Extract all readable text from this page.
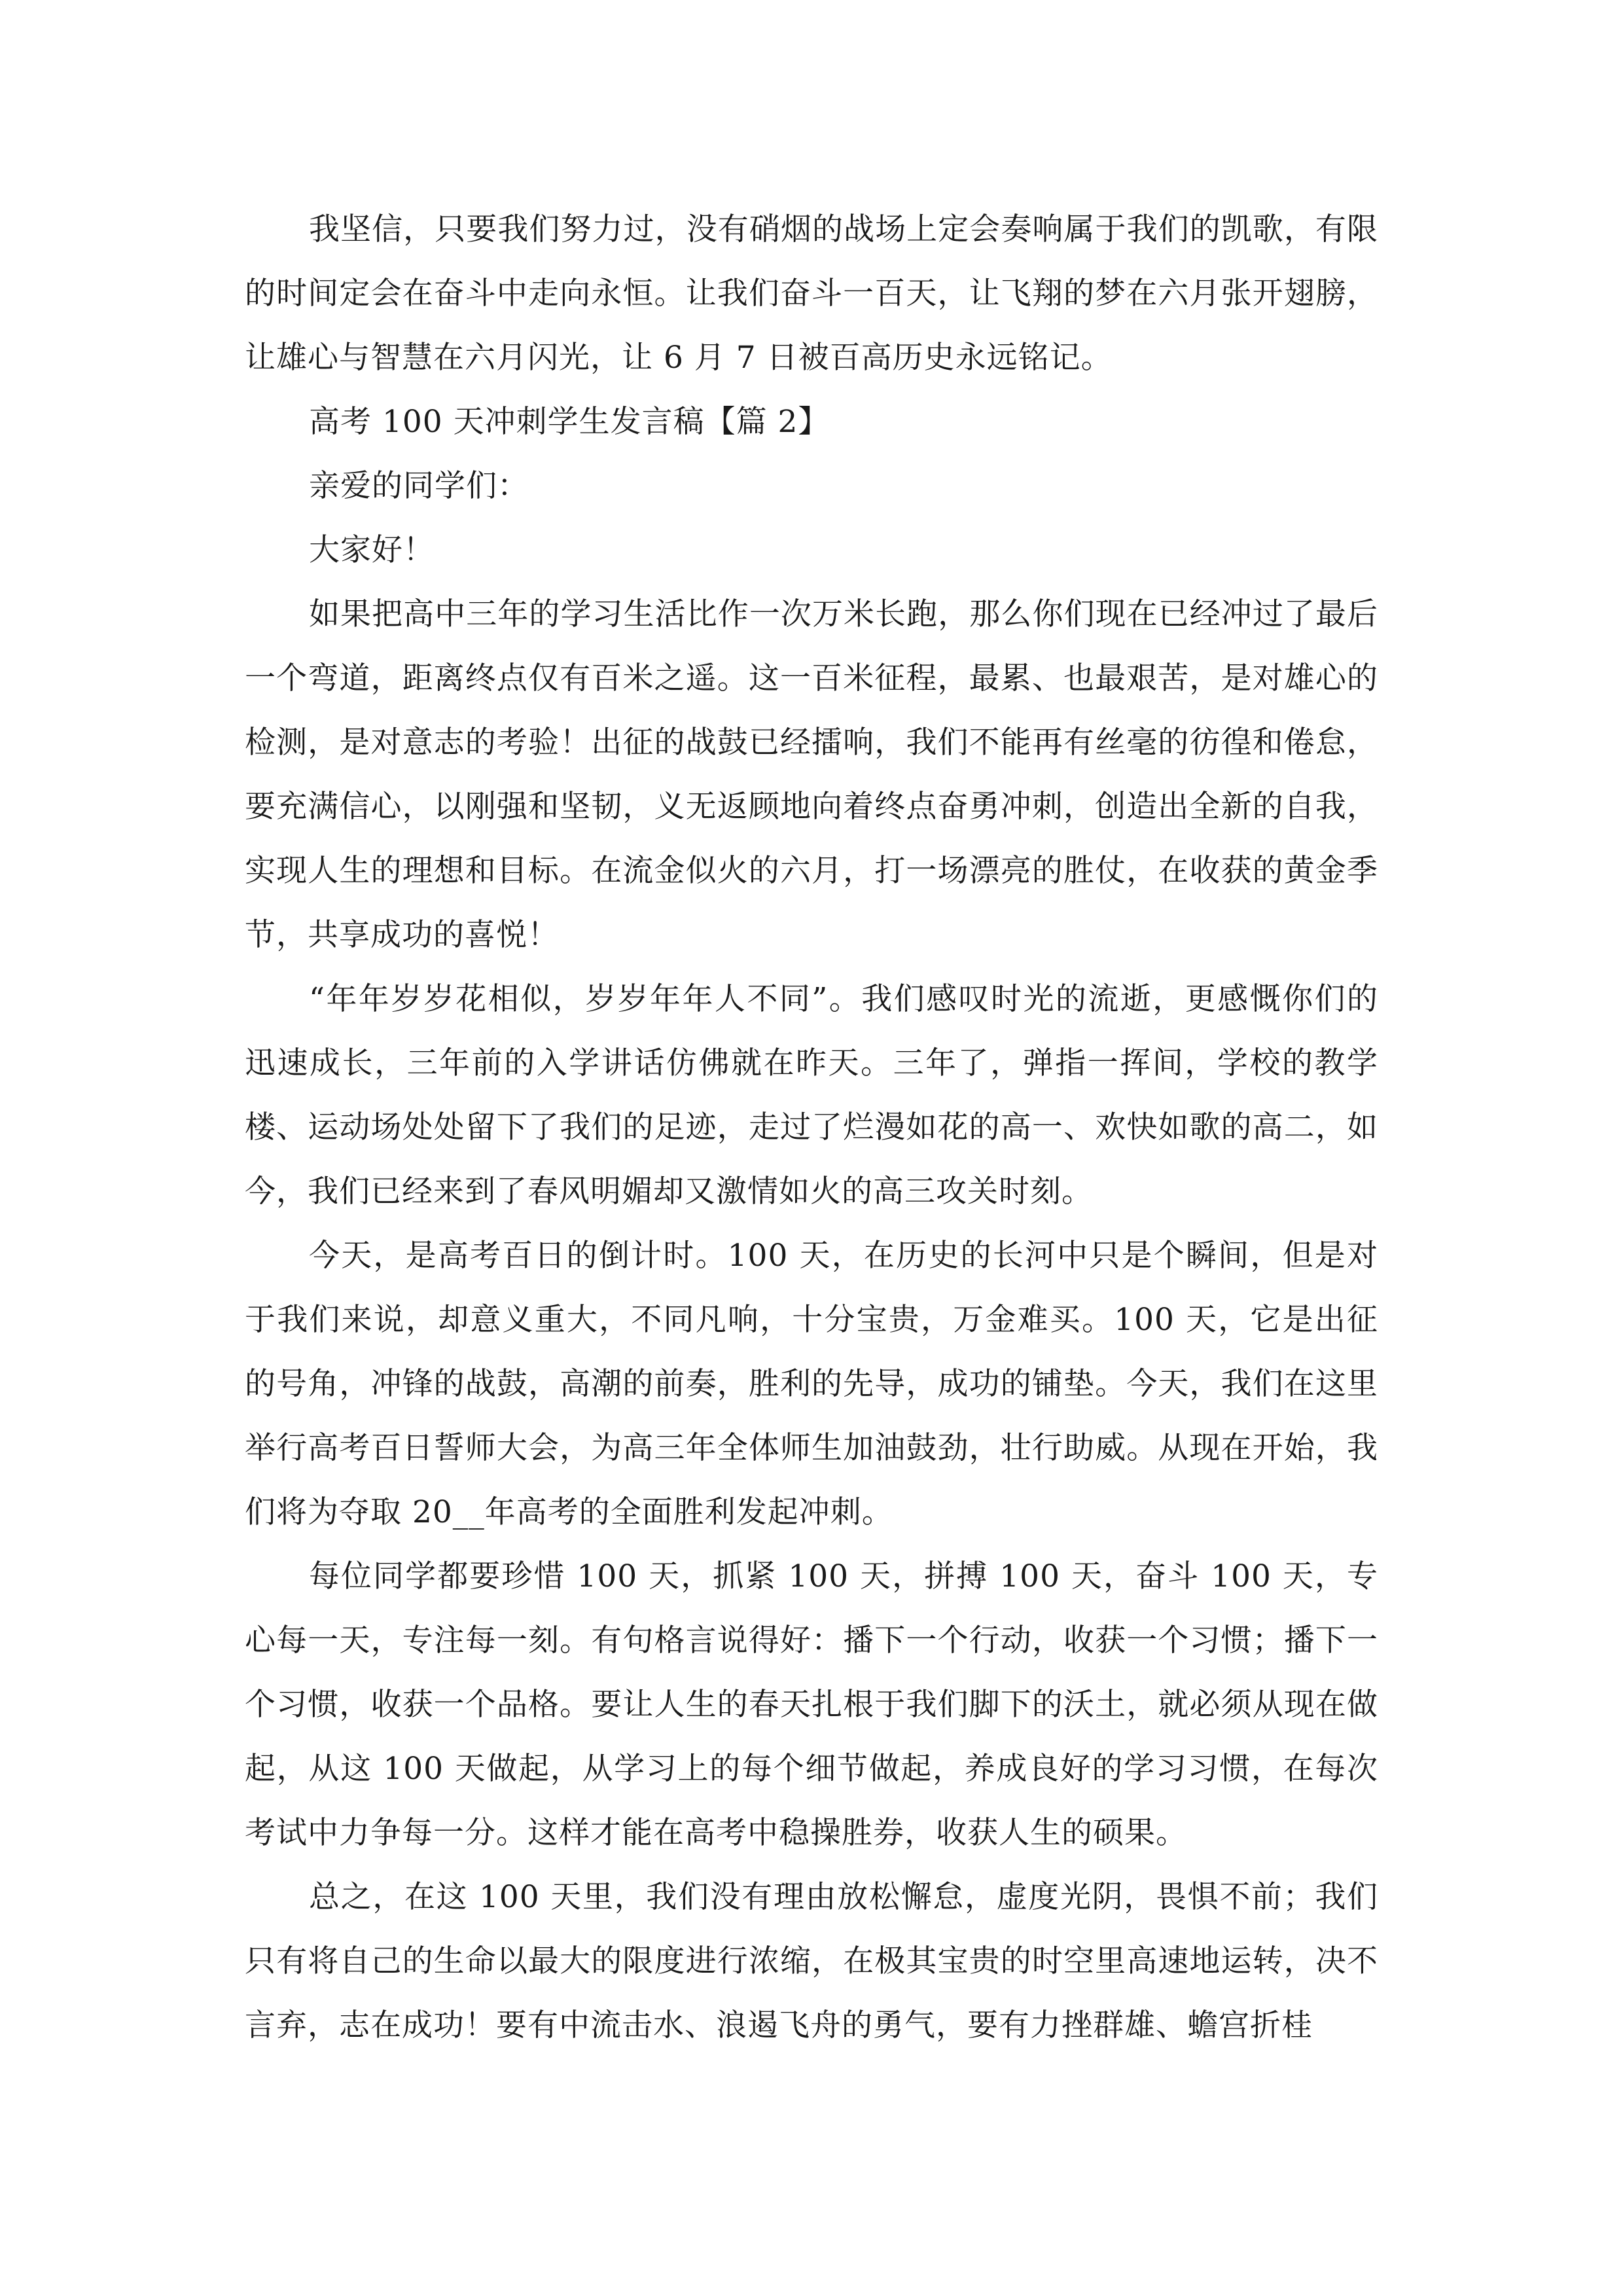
我坚信，只要我们努力过，没有硝烟的战场上定会奏响属于我们的凯歌，有限的时间定会在奋斗中走向永恒。让我们奋斗一百天，让飞翔的梦在六月张开翅膀，让雄心与智慧在六月闪光，让 6 月 7 日被百高历史永远铭记。

高考 100 天冲刺学生发言稿【篇 2】

亲爱的同学们：

大家好！

如果把高中三年的学习生活比作一次万米长跑，那么你们现在已经冲过了最后一个弯道，距离终点仅有百米之遥。这一百米征程，最累、也最艰苦，是对雄心的检测，是对意志的考验！出征的战鼓已经擂响，我们不能再有丝毫的彷徨和倦怠，要充满信心，以刚强和坚韧，义无返顾地向着终点奋勇冲刺，创造出全新的自我，实现人生的理想和目标。在流金似火的六月，打一场漂亮的胜仗，在收获的黄金季节，共享成功的喜悦！

“年年岁岁花相似，岁岁年年人不同”。我们感叹时光的流逝，更感慨你们的迅速成长，三年前的入学讲话仿佛就在昨天。三年了，弹指一挥间，学校的教学楼、运动场处处留下了我们的足迹，走过了烂漫如花的高一、欢快如歌的高二，如今，我们已经来到了春风明媚却又激情如火的高三攻关时刻。

今天，是高考百日的倒计时。100 天，在历史的长河中只是个瞬间，但是对于我们来说，却意义重大，不同凡响，十分宝贵，万金难买。100 天，它是出征的号角，冲锋的战鼓，高潮的前奏，胜利的先导，成功的铺垫。今天，我们在这里举行高考百日誓师大会，为高三年全体师生加油鼓劲，壮行助威。从现在开始，我们将为夺取 20__年高考的全面胜利发起冲刺。

每位同学都要珍惜 100 天，抓紧 100 天，拼搏 100 天，奋斗 100 天，专心每一天，专注每一刻。有句格言说得好：播下一个行动，收获一个习惯；播下一个习惯，收获一个品格。要让人生的春天扎根于我们脚下的沃土，就必须从现在做起，从这 100 天做起，从学习上的每个细节做起，养成良好的学习习惯，在每次考试中力争每一分。这样才能在高考中稳操胜券，收获人生的硕果。

总之，在这 100 天里，我们没有理由放松懈怠，虚度光阴，畏惧不前；我们只有将自己的生命以最大的限度进行浓缩，在极其宝贵的时空里高速地运转，决不言弃，志在成功！要有中流击水、浪遏飞舟的勇气，要有力挫群雄、蟾宫折桂
